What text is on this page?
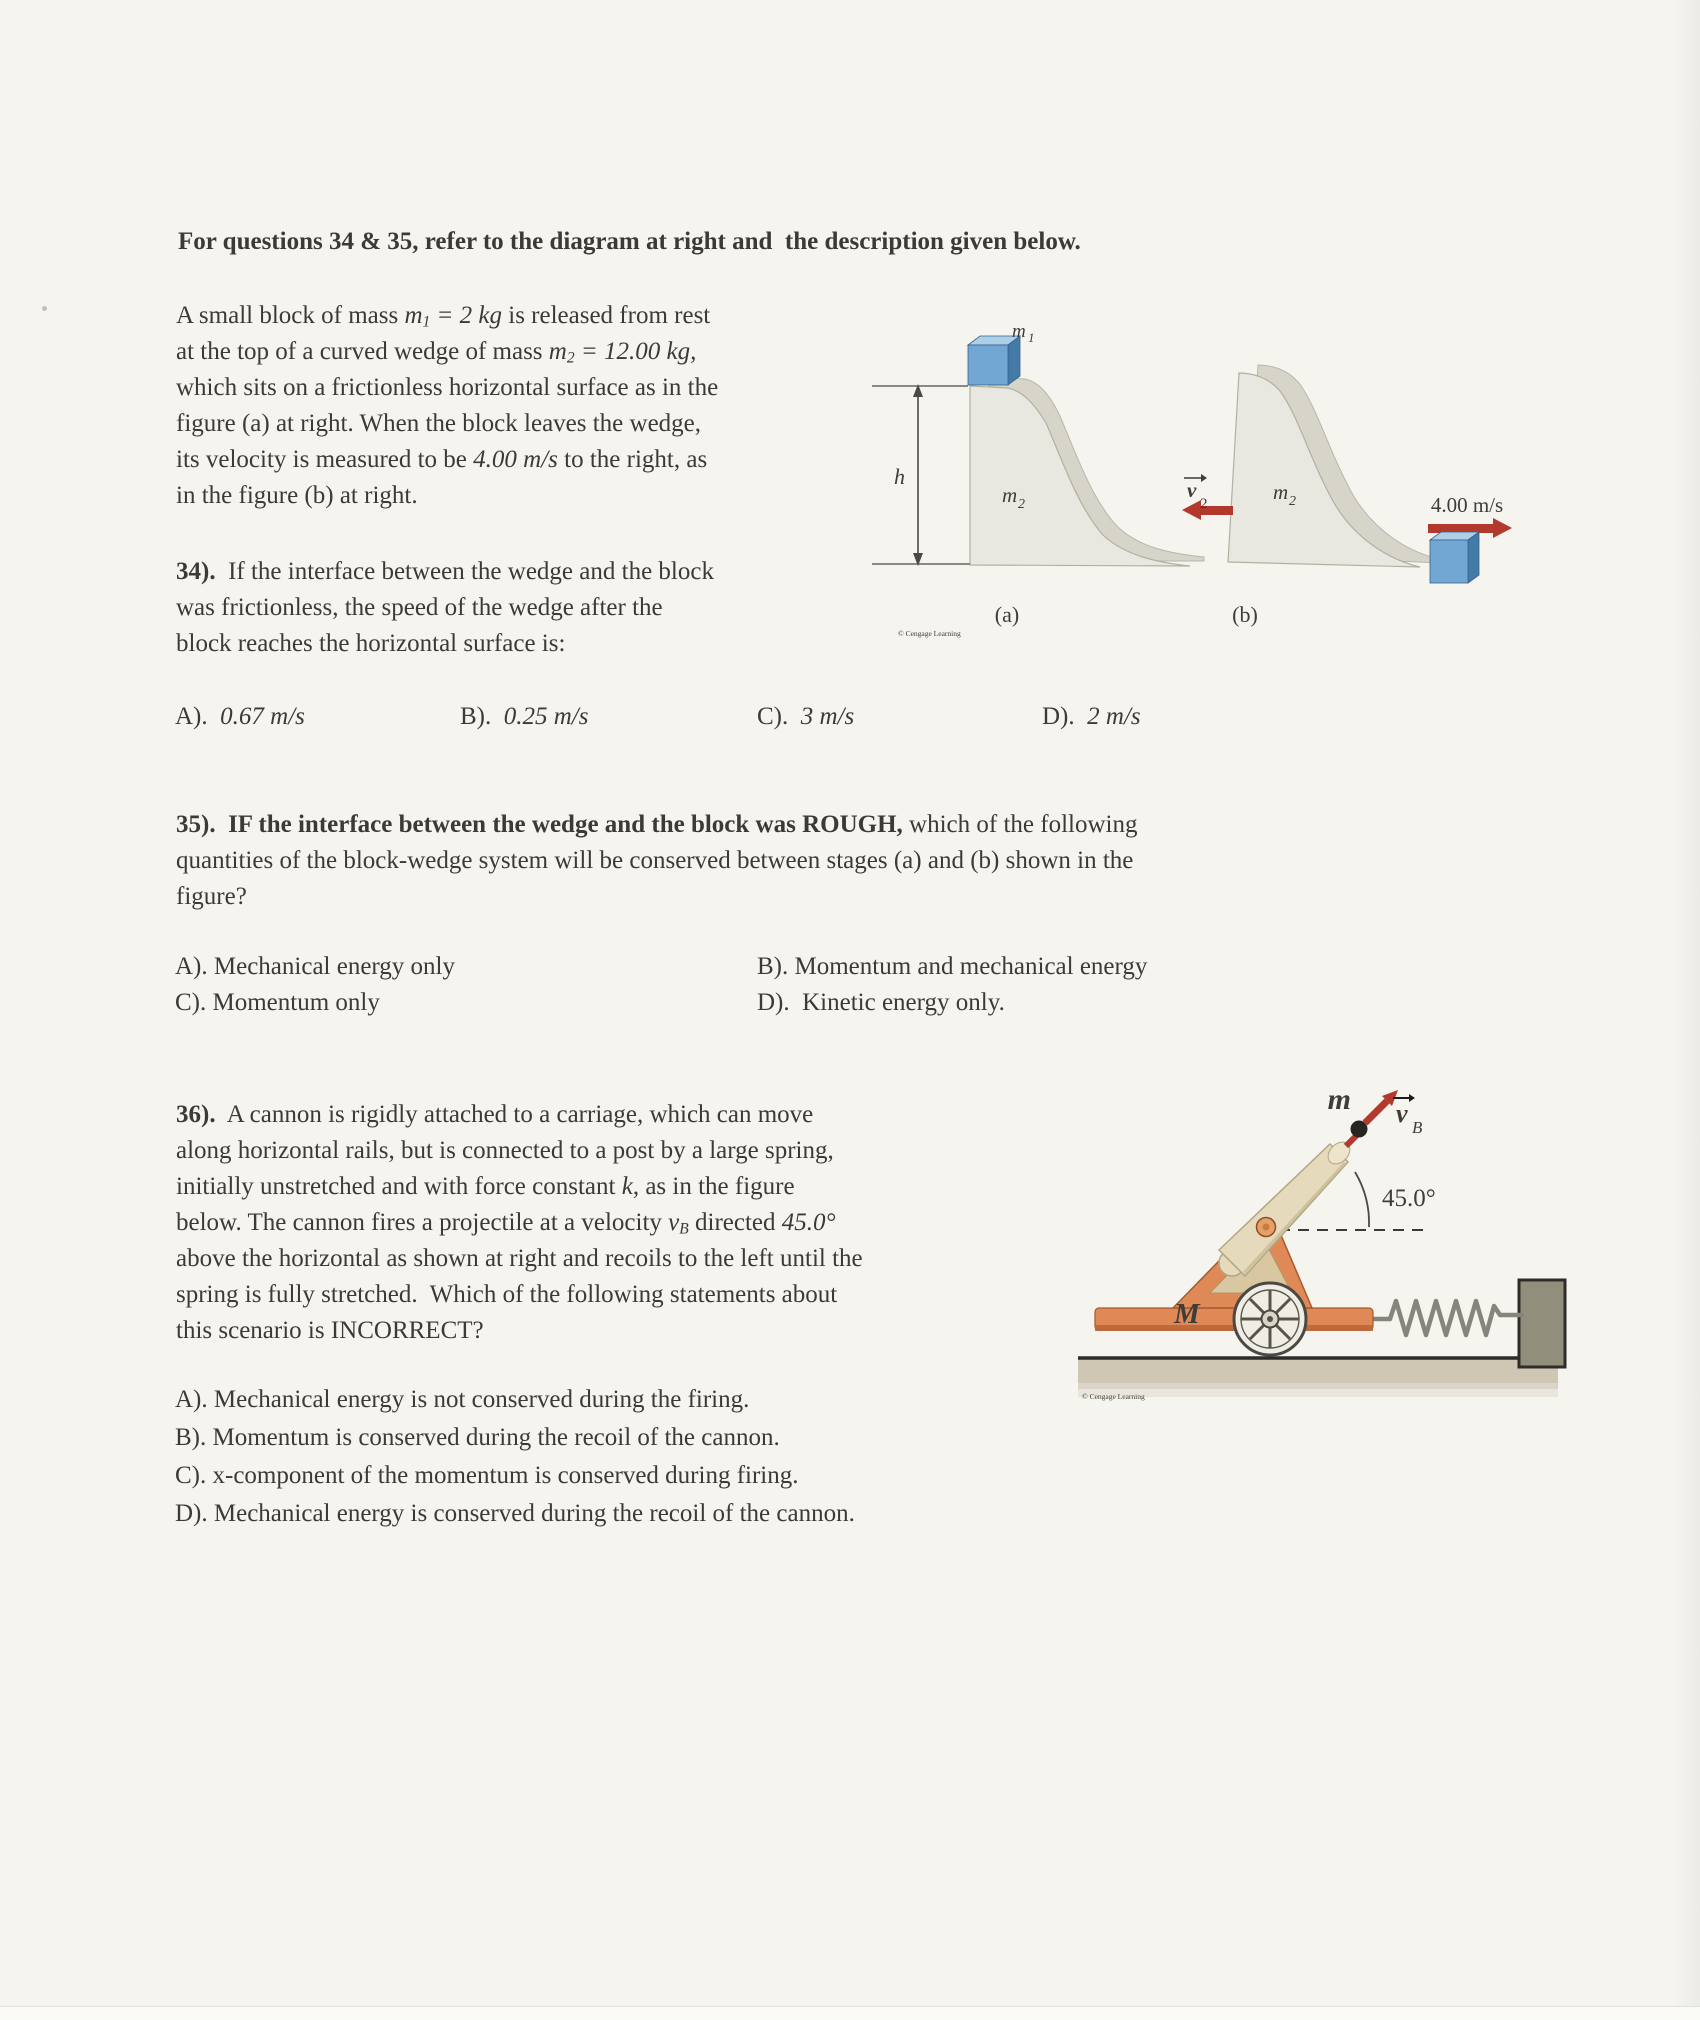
For questions 34 & 35, refer to the diagram at right and  the description given below.
A small block of mass $m_1 = 2$ kg is released from rest
at the top of a curved wedge of mass $m_2 = 12.00$ kg,
which sits on a frictionless horizontal surface as in the
figure (a) at right. When the block leaves the wedge,
its velocity is measured to be 4.00 m/s to the right, as
in the figure (b) at right.
34).  If the interface between the wedge and the block
was frictionless, the speed of the wedge after the
block reaches the horizontal surface is:
A).  0.67 m/s	B).  0.25 m/s	C).  3 m/s	D).  2 m/s
35).  IF the interface between the wedge and the block was ROUGH, which of the following
quantities of the block-wedge system will be conserved between stages (a) and (b) shown in the
figure?
A). Mechanical energy only	B). Momentum and mechanical energy
C). Momentum only	D).  Kinetic energy only.
36).  A cannon is rigidly attached to a carriage, which can move
along horizontal rails, but is connected to a post by a large spring,
initially unstretched and with force constant k, as in the figure
below. The cannon fires a projectile at a velocity $v_B$ directed 45.0°
above the horizontal as shown at right and recoils to the left until the
spring is fully stretched.  Which of the following statements about
this scenario is INCORRECT?
A). Mechanical energy is not conserved during the firing.
B). Momentum is conserved during the recoil of the cannon.
C). x-component of the momentum is conserved during firing.
D). Mechanical energy is conserved during the recoil of the cannon.
h
m 1
m 2
m 2
v
2	4.00 m/s
(a)	(b)
© Cengage Learning
45.0°
m v B
M
© Cengage Learning
